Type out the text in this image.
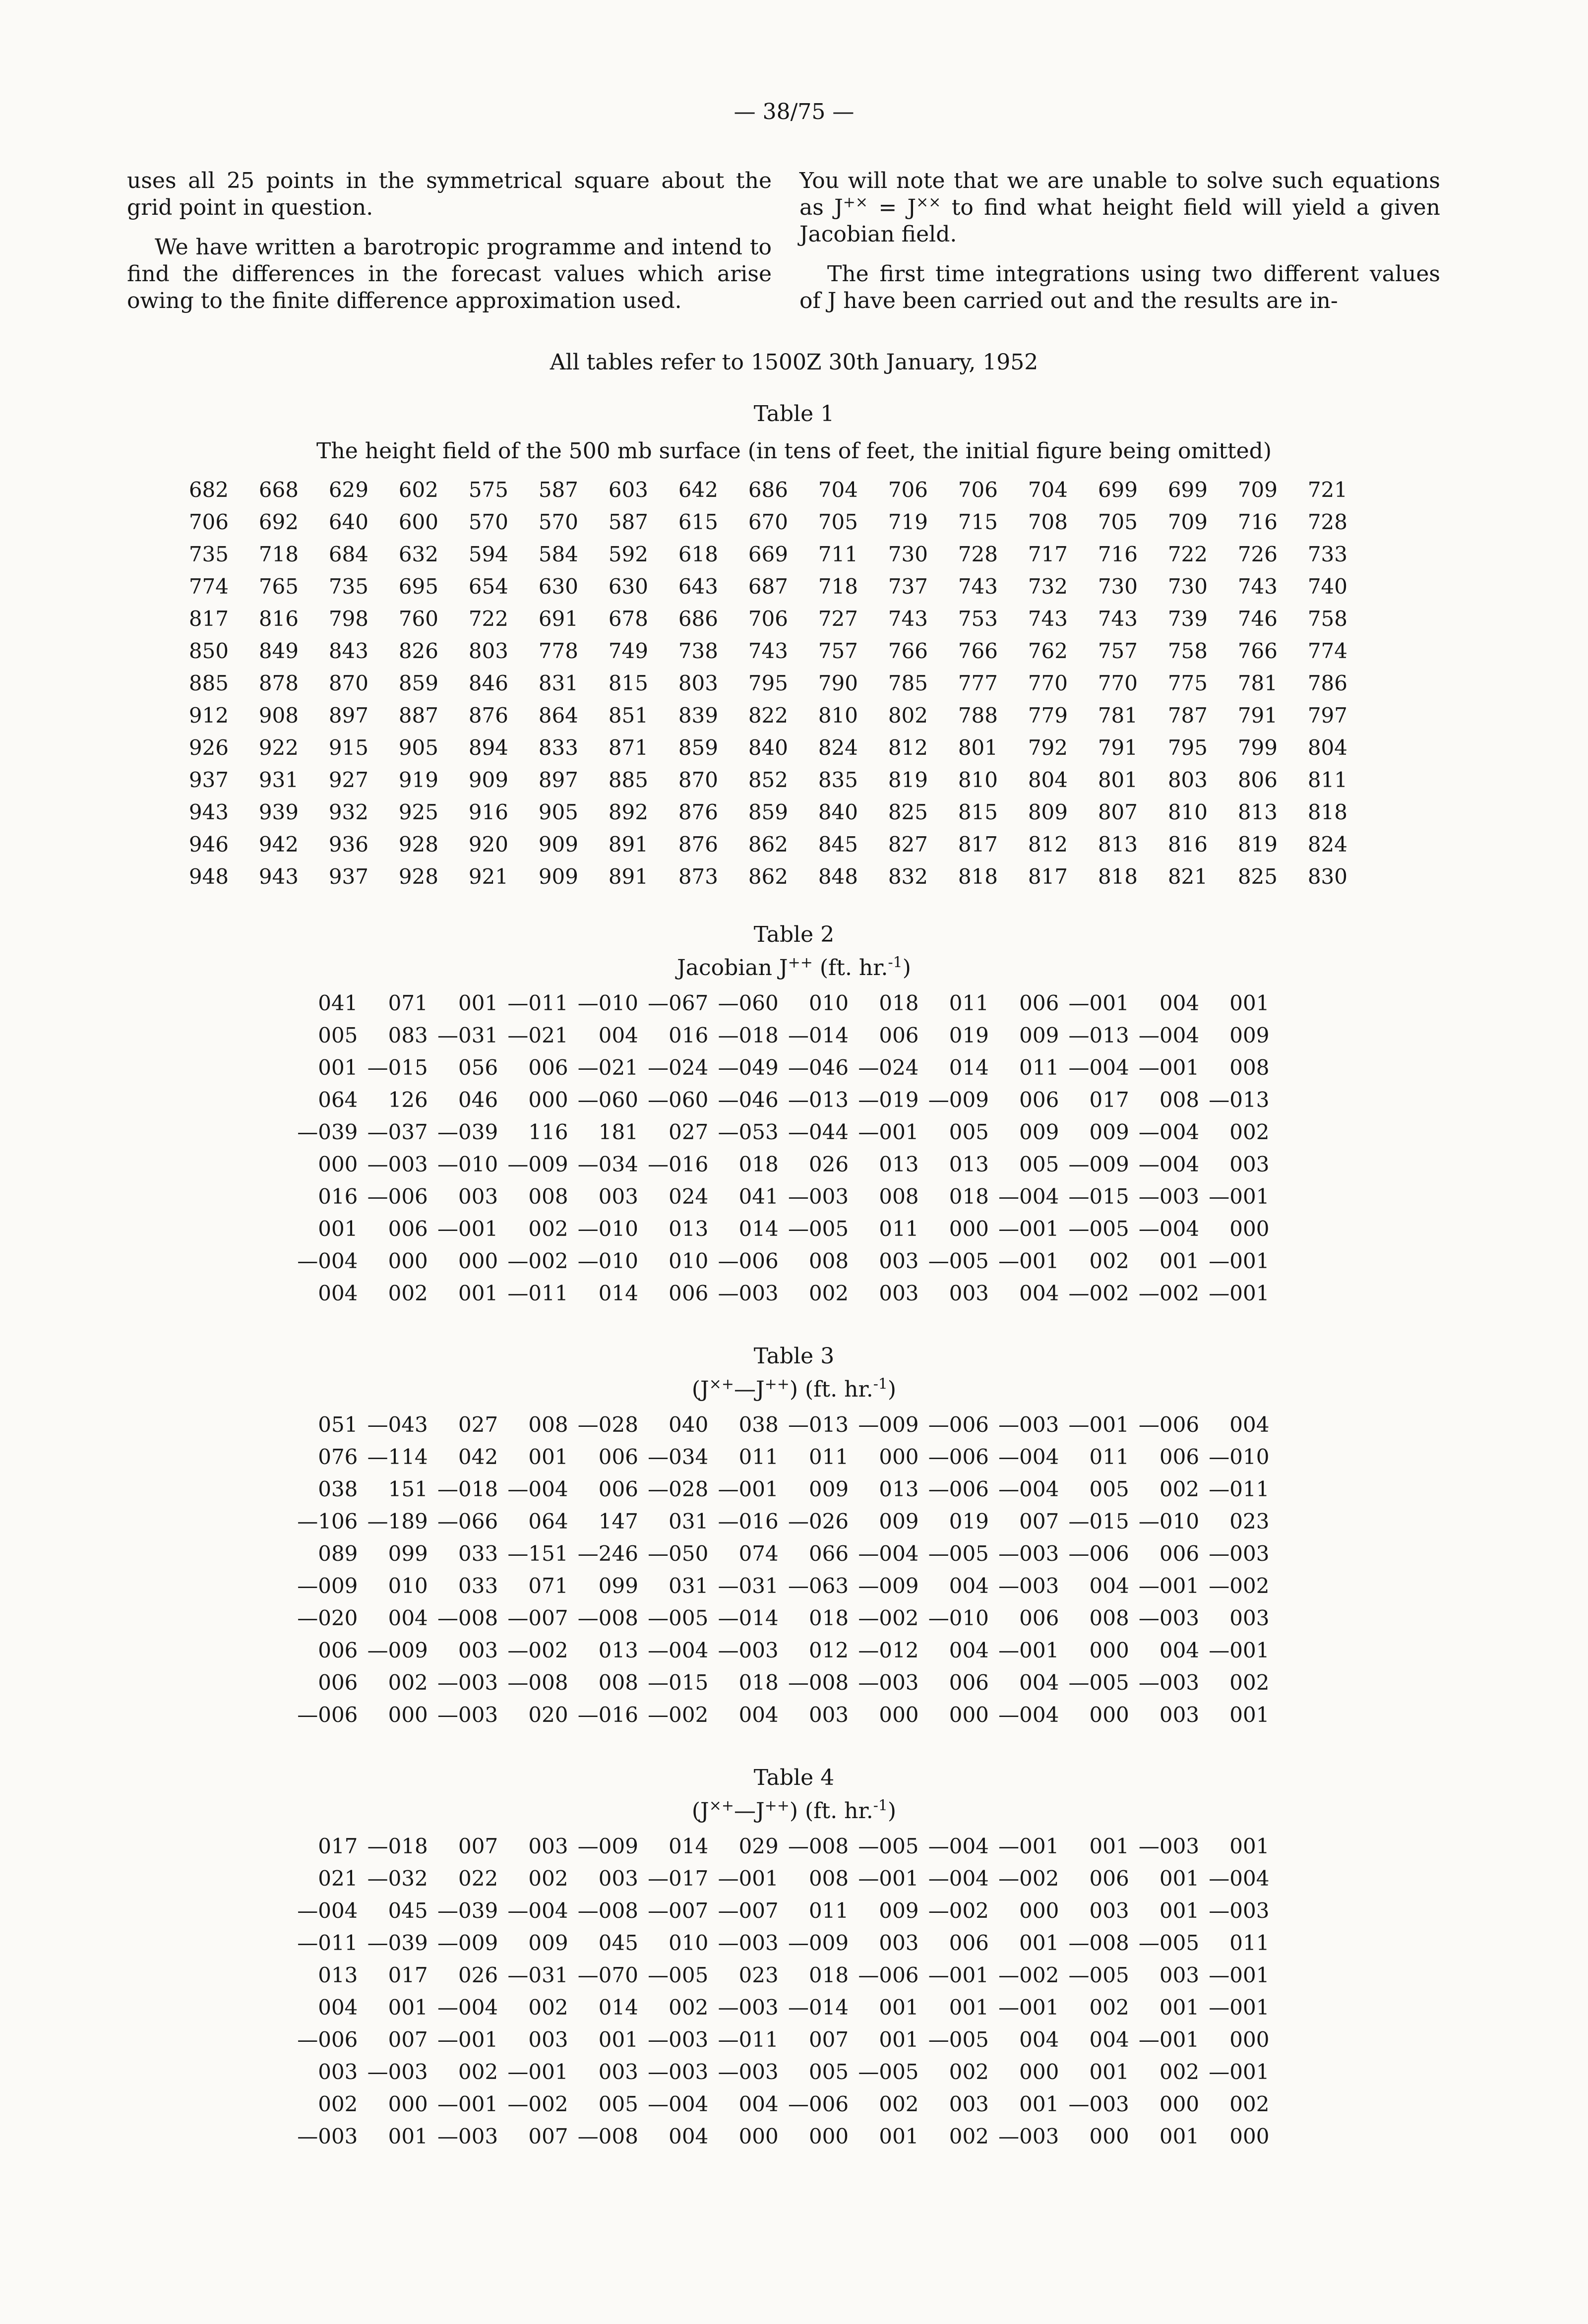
— 38/75 —

uses all 25 points in the symmetrical square about the grid point in question.

We have written a barotropic programme and intend to find the differences in the forecast values which arise owing to the finite difference approximation used.

You will note that we are unable to solve such equations as J+× = J×× to find what height field will yield a given Jacobian field.

The first time integrations using two different values of J have been carried out and the results are in-

All tables refer to 1500Z 30th January, 1952
Table 1
The height field of the 500 mb surface (in tens of feet, the initial figure being omitted)
682	668	629	602	575	587	603	642	686	704	706	706	704	699	699	709	721
706	692	640	600	570	570	587	615	670	705	719	715	708	705	709	716	728
735	718	684	632	594	584	592	618	669	711	730	728	717	716	722	726	733
774	765	735	695	654	630	630	643	687	718	737	743	732	730	730	743	740
817	816	798	760	722	691	678	686	706	727	743	753	743	743	739	746	758
850	849	843	826	803	778	749	738	743	757	766	766	762	757	758	766	774
885	878	870	859	846	831	815	803	795	790	785	777	770	770	775	781	786
912	908	897	887	876	864	851	839	822	810	802	788	779	781	787	791	797
926	922	915	905	894	833	871	859	840	824	812	801	792	791	795	799	804
937	931	927	919	909	897	885	870	852	835	819	810	804	801	803	806	811
943	939	932	925	916	905	892	876	859	840	825	815	809	807	810	813	818
946	942	936	928	920	909	891	876	862	845	827	817	812	813	816	819	824
948	943	937	928	921	909	891	873	862	848	832	818	817	818	821	825	830
Table 2
Jacobian J++ (ft. hr.$^{-1}$)
041	071	001	—011	—010	—067	—060	010	018	011	006	—001	004	001
005	083	—031	—021	004	016	—018	—014	006	019	009	—013	—004	009
001	—015	056	006	—021	—024	—049	—046	—024	014	011	—004	—001	008
064	126	046	000	—060	—060	—046	—013	—019	—009	006	017	008	—013
—039	—037	—039	116	181	027	—053	—044	—001	005	009	009	—004	002
000	—003	—010	—009	—034	—016	018	026	013	013	005	—009	—004	003
016	—006	003	008	003	024	041	—003	008	018	—004	—015	—003	—001
001	006	—001	002	—010	013	014	—005	011	000	—001	—005	—004	000
—004	000	000	—002	—010	010	—006	008	003	—005	—001	002	001	—001
004	002	001	—011	014	006	—003	002	003	003	004	—002	—002	—001
Table 3
(J×+—J++) (ft. hr.$^{-1}$)
051	—043	027	008	—028	040	038	—013	—009	—006	—003	—001	—006	004
076	—114	042	001	006	—034	011	011	000	—006	—004	011	006	—010
038	151	—018	—004	006	—028	—001	009	013	—006	—004	005	002	—011
—106	—189	—066	064	147	031	—016	—026	009	019	007	—015	—010	023
089	099	033	—151	—246	—050	074	066	—004	—005	—003	—006	006	—003
—009	010	033	071	099	031	—031	—063	—009	004	—003	004	—001	—002
—020	004	—008	—007	—008	—005	—014	018	—002	—010	006	008	—003	003
006	—009	003	—002	013	—004	—003	012	—012	004	—001	000	004	—001
006	002	—003	—008	008	—015	018	—008	—003	006	004	—005	—003	002
—006	000	—003	020	—016	—002	004	003	000	000	—004	000	003	001
Table 4
(J×+—J++) (ft. hr.$^{-1}$)
017	—018	007	003	—009	014	029	—008	—005	—004	—001	001	—003	001
021	—032	022	002	003	—017	—001	008	—001	—004	—002	006	001	—004
—004	045	—039	—004	—008	—007	—007	011	009	—002	000	003	001	—003
—011	—039	—009	009	045	010	—003	—009	003	006	001	—008	—005	011
013	017	026	—031	—070	—005	023	018	—006	—001	—002	—005	003	—001
004	001	—004	002	014	002	—003	—014	001	001	—001	002	001	—001
—006	007	—001	003	001	—003	—011	007	001	—005	004	004	—001	000
003	—003	002	—001	003	—003	—003	005	—005	002	000	001	002	—001
002	000	—001	—002	005	—004	004	—006	002	003	001	—003	000	002
—003	001	—003	007	—008	004	000	000	001	002	—003	000	001	000
